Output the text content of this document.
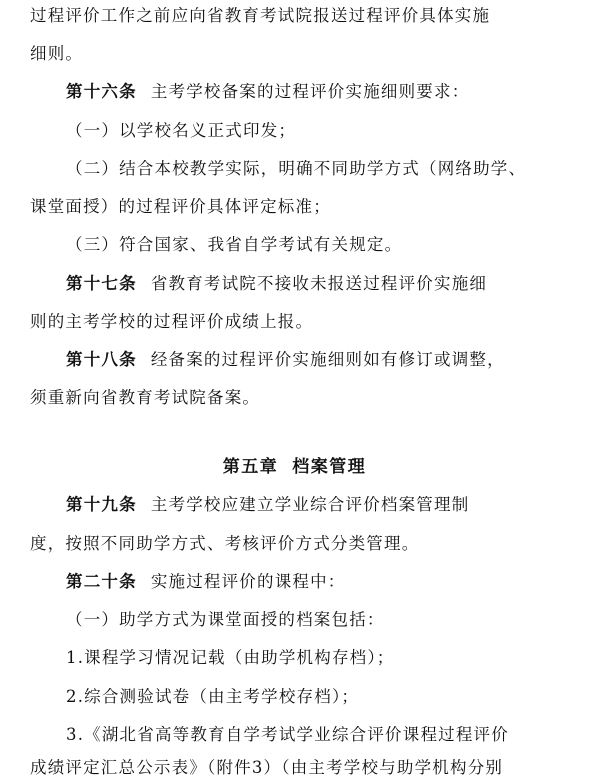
过程评价工作之前应向省教育考试院报送过程评价具体实施
细则。
第十六条 主考学校备案的过程评价实施细则要求：
（一）以学校名义正式印发；
（二）结合本校教学实际，明确不同助学方式（网络助学、
课堂面授）的过程评价具体评定标准；
（三）符合国家、我省自学考试有关规定。
第十七条 省教育考试院不接收未报送过程评价实施细
则的主考学校的过程评价成绩上报。
第十八条 经备案的过程评价实施细则如有修订或调整，
须重新向省教育考试院备案。
第五章 档案管理
第十九条 主考学校应建立学业综合评价档案管理制
度，按照不同助学方式、考核评价方式分类管理。
第二十条 实施过程评价的课程中：
（一）助学方式为课堂面授的档案包括：
1.课程学习情况记载（由助学机构存档）；
2.综合测验试卷（由主考学校存档）；
3.《湖北省高等教育自学考试学业综合评价课程过程评价
成绩评定汇总公示表》（附件3）（由主考学校与助学机构分别
